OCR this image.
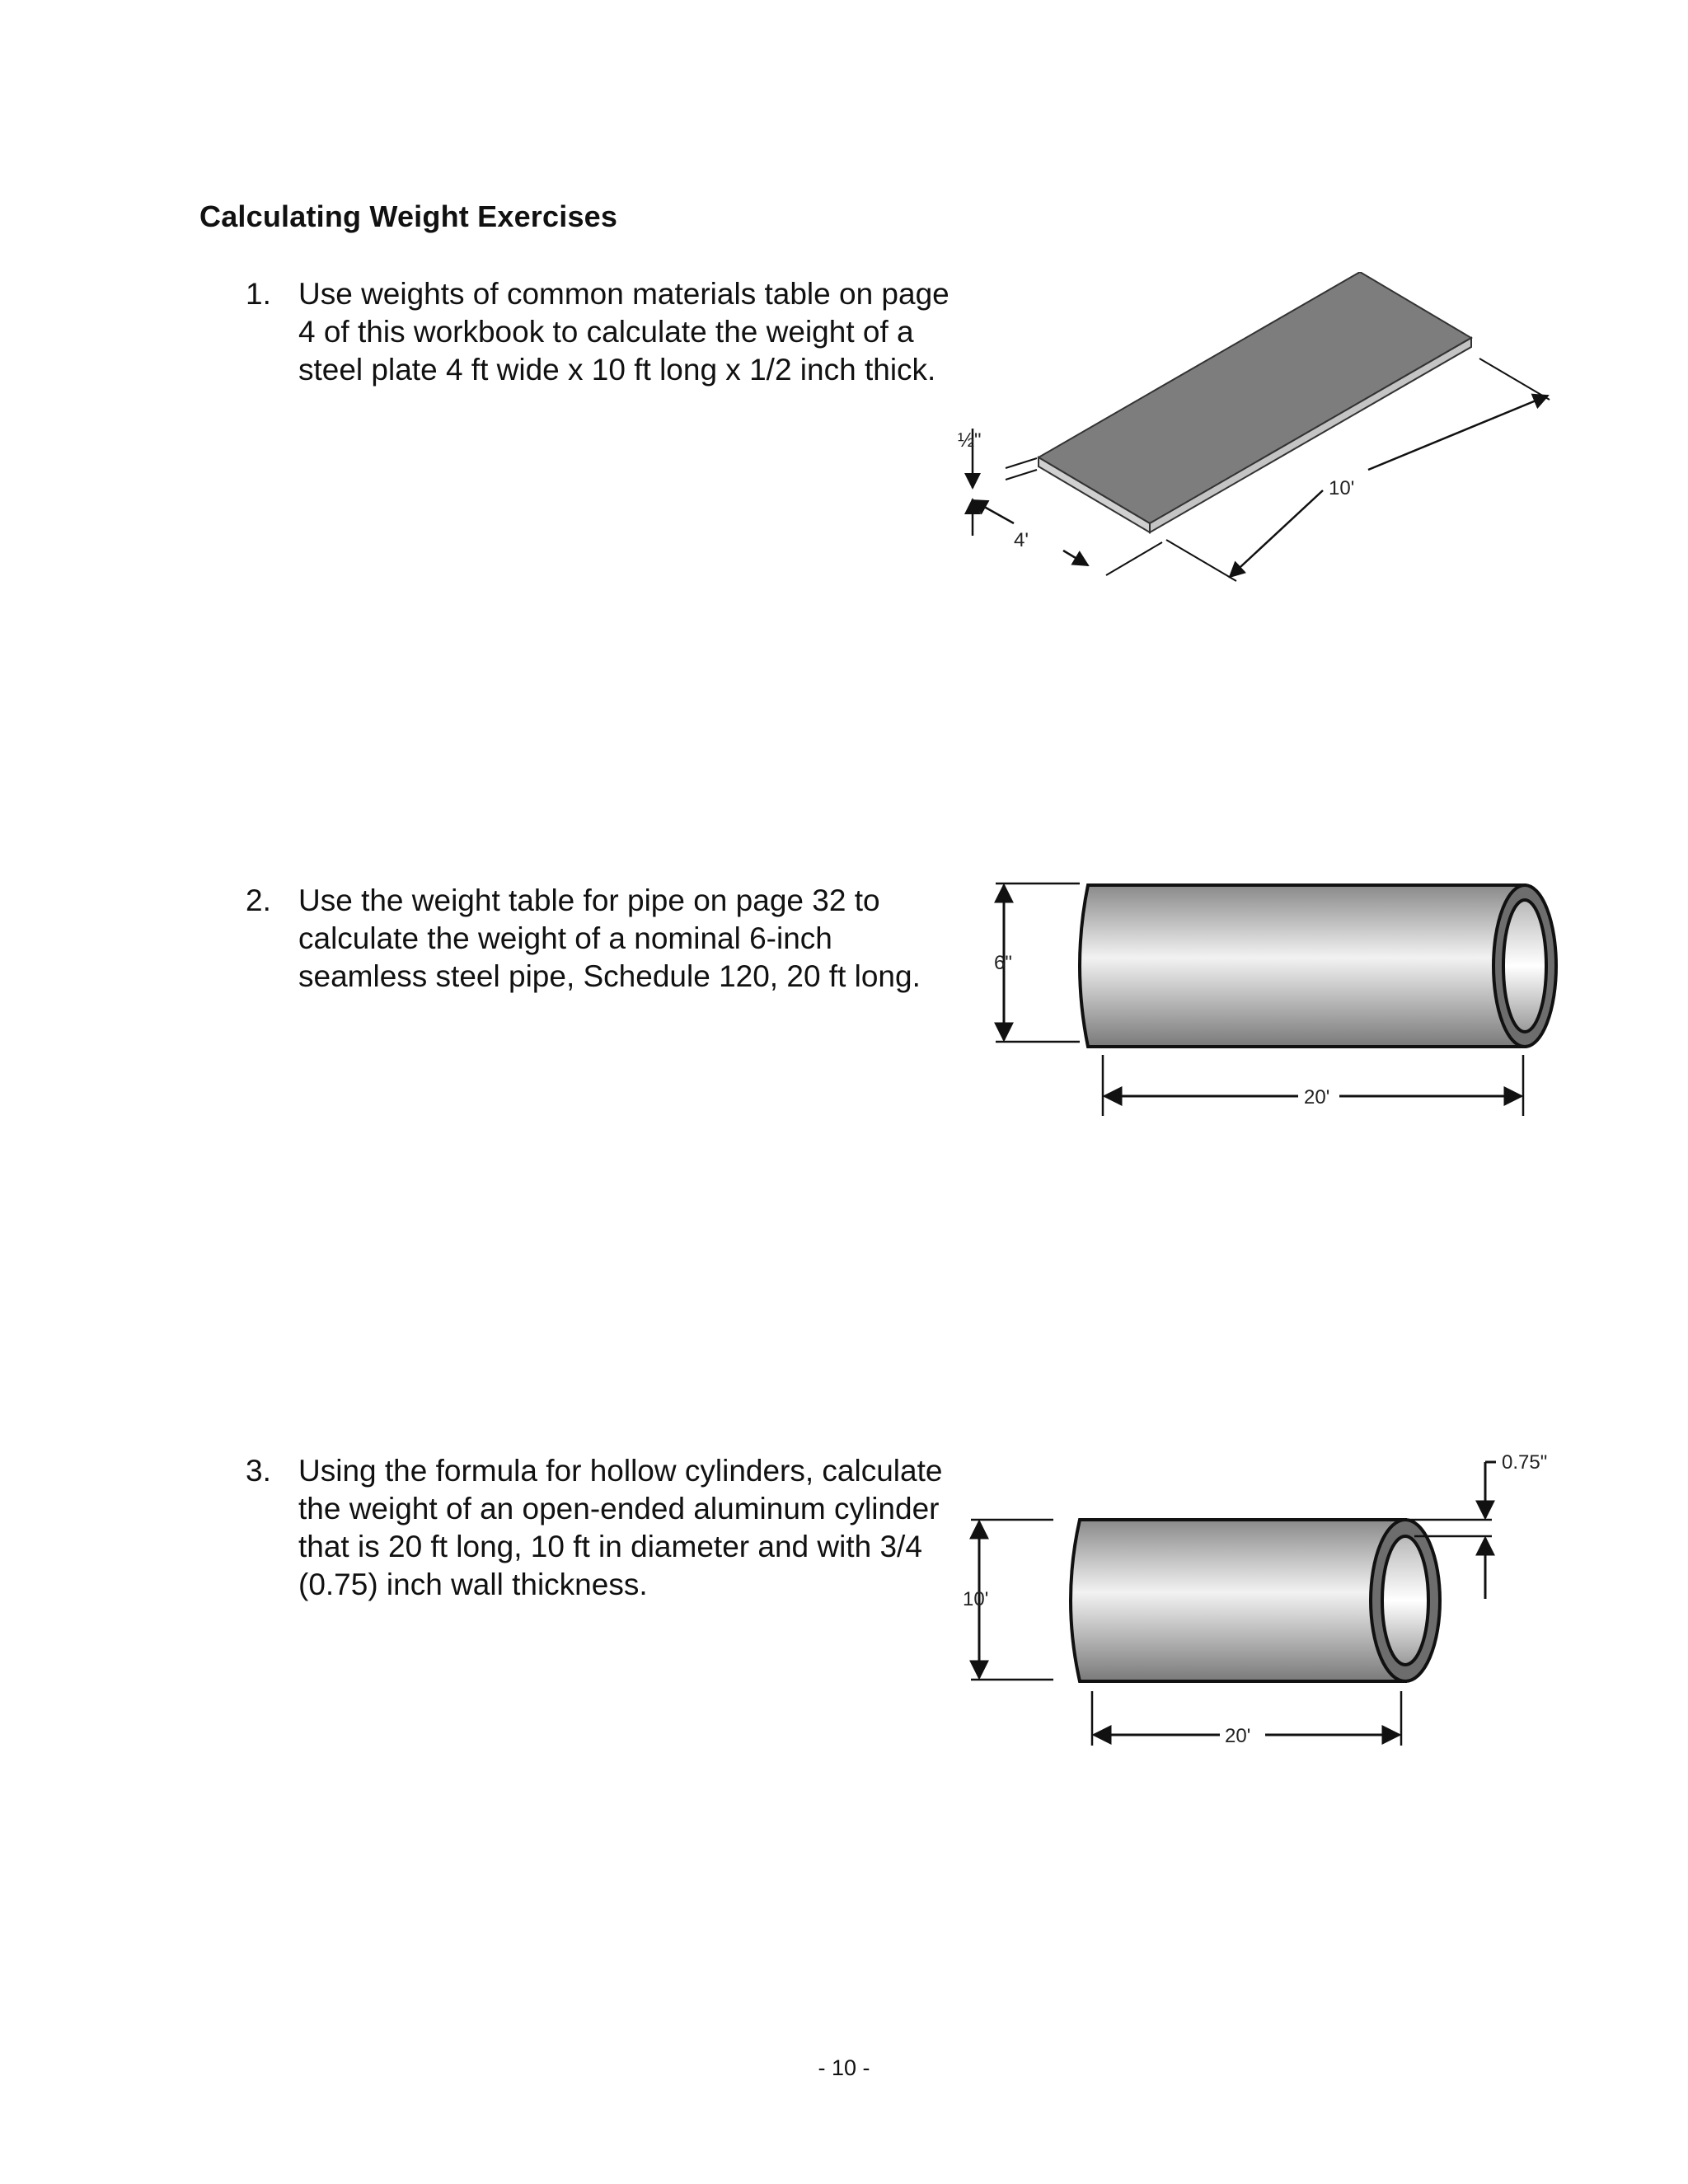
Calculating Weight Exercises
1. Use weights of common materials table on page 4 of this workbook to calculate the weight of a steel plate 4 ft wide x 10 ft long x 1/2 inch thick.
½"
4'
10'
2. Use the weight table for pipe on page 32 to calculate the weight of a nominal 6-inch seamless steel pipe, Schedule 120, 20 ft long.	6"
20'
3. Using the formula for hollow cylinders, calculate the weight of an open-ended aluminum cylinder that is 20 ft long, 10 ft in diameter and with 3/4 (0.75) inch wall thickness.
0.75"
10'
20'
- 10 -
